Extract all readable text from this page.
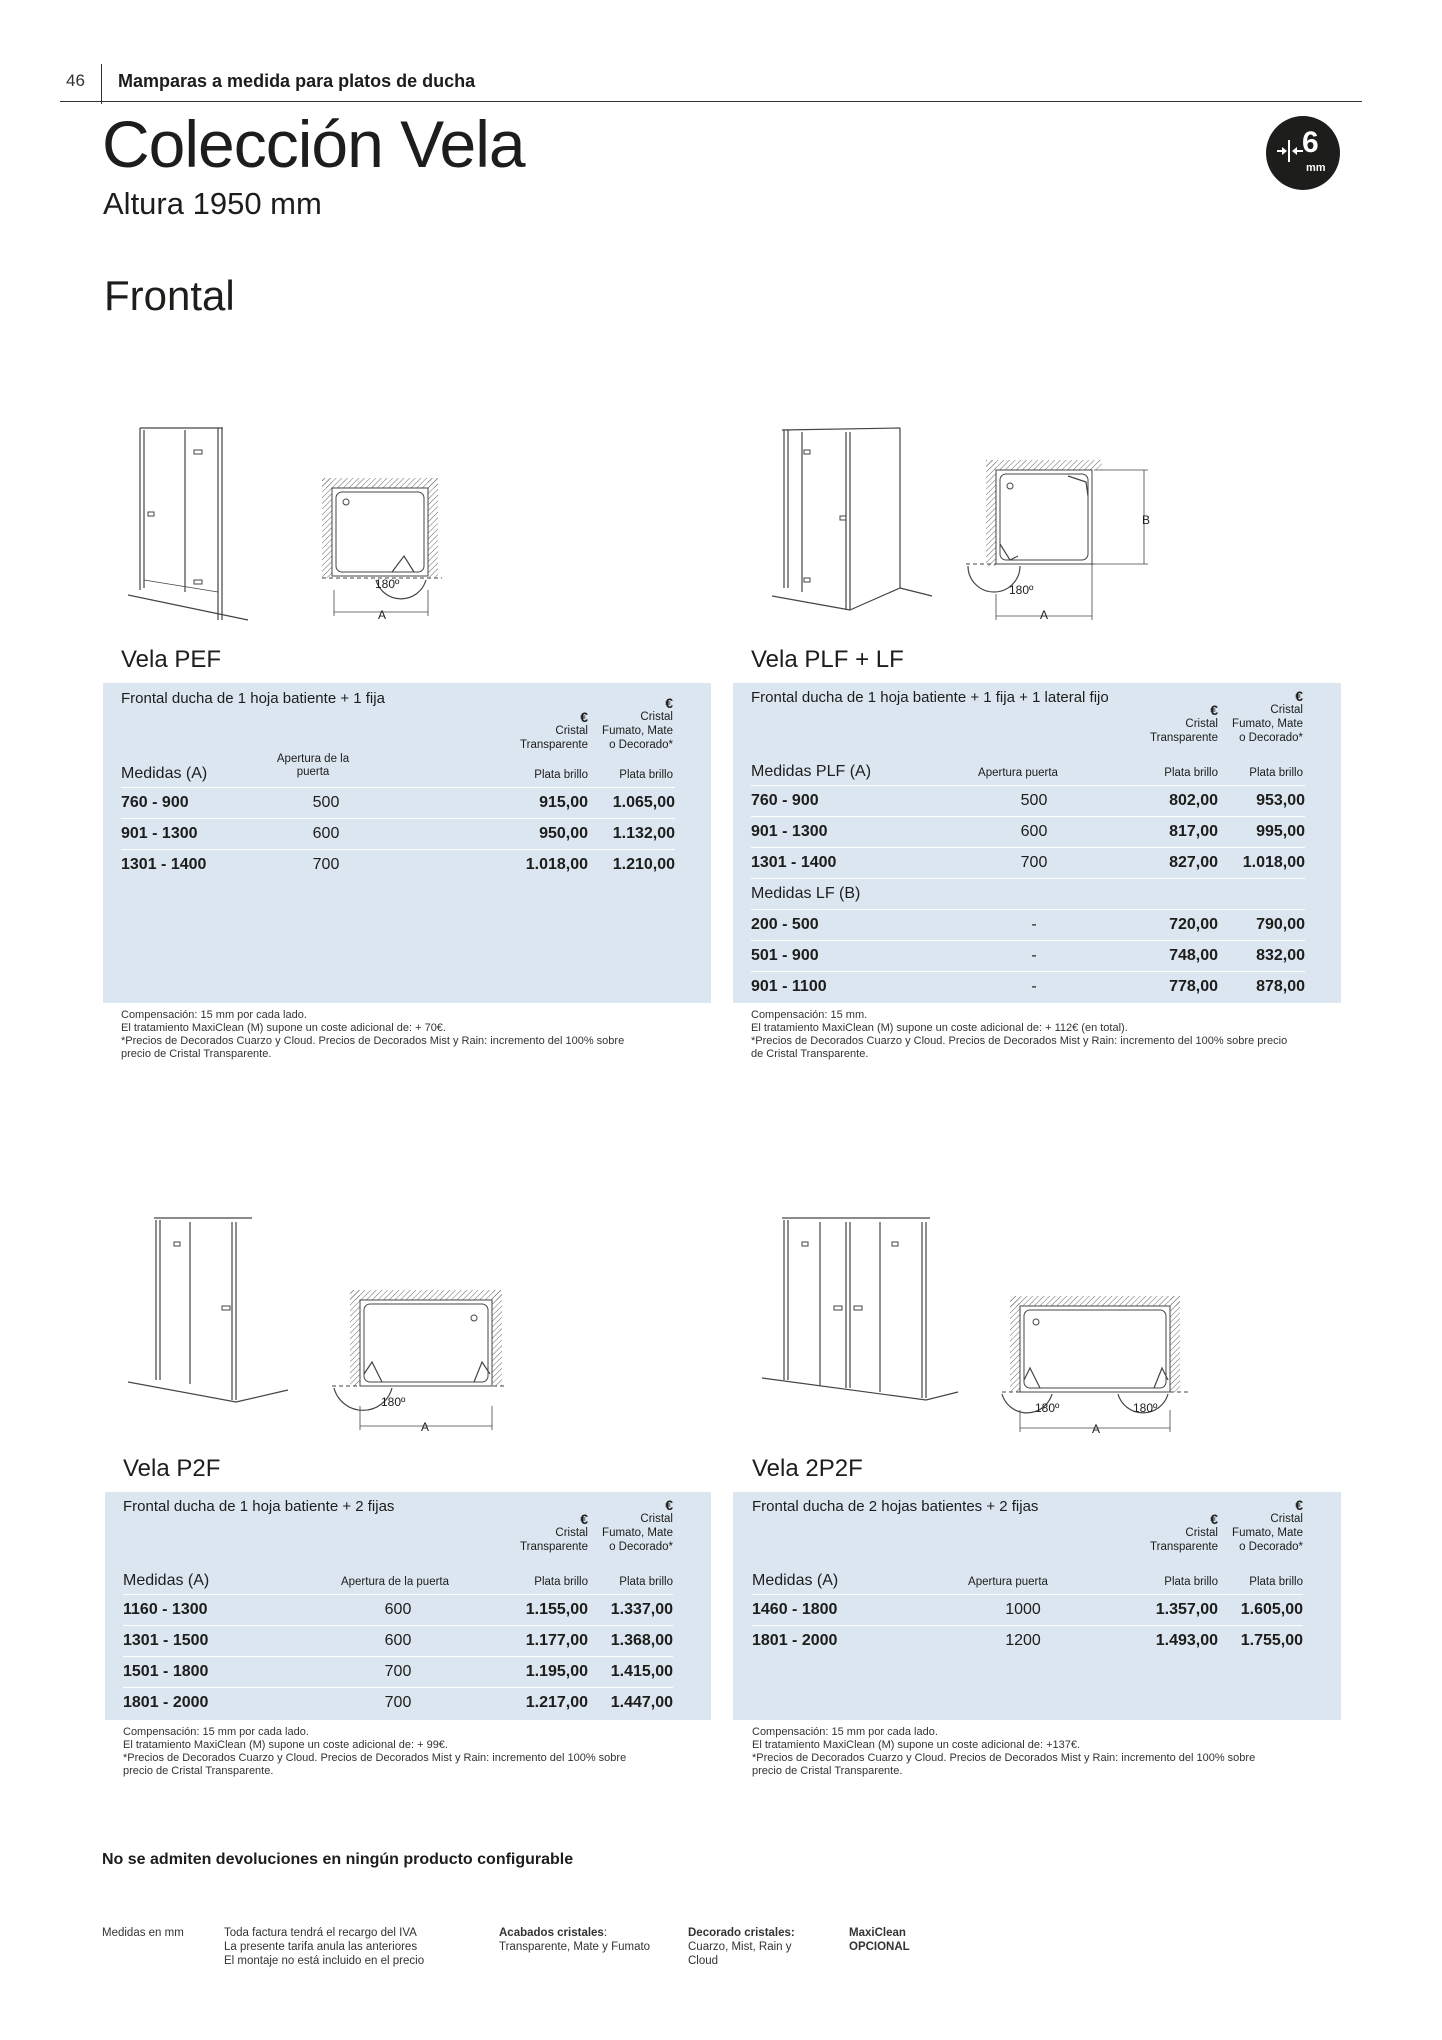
46 Mamparas a medida para platos de ducha
Colección Vela
Altura 1950 mm
Frontal
6
mm
180º
A
180º
A
B
180º
A
180º	180º
A
Vela PEF
Frontal ducha de 1 hoja batiente + 1 fija
€
Cristal
Transparente
€
Cristal
Fumato, Mate
o Decorado*
Medidas (A)
Apertura de la
puerta	Plata brillo	Plata brillo
760 - 900	500	915,00	1.065,00
901 - 1300	600	950,00	1.132,00
1301 - 1400	700	1.018,00	1.210,00
Compensación: 15 mm por cada lado.
El tratamiento MaxiClean (M) supone un coste adicional de: + 70€.
*Precios de Decorados Cuarzo y Cloud. Precios de Decorados Mist y Rain: incremento del 100% sobre
precio de Cristal Transparente.
Vela PLF + LF
Frontal ducha de 1 hoja batiente + 1 fija + 1 lateral fijo
€
Cristal
Transparente
€
Cristal
Fumato, Mate
o Decorado*
Medidas PLF (A)	Apertura puerta	Plata brillo	Plata brillo
760 - 900	500	802,00	953,00
901 - 1300	600	817,00	995,00
1301 - 1400	700	827,00	1.018,00
Medidas LF (B)
200 - 500	-	720,00	790,00
501 - 900	-	748,00	832,00
901 - 1100	-	778,00	878,00
Compensación: 15 mm.
El tratamiento MaxiClean (M) supone un coste adicional de: + 112€ (en total).
*Precios de Decorados Cuarzo y Cloud. Precios de Decorados Mist y Rain: incremento del 100% sobre precio
de Cristal Transparente.
Vela P2F
Frontal ducha de 1 hoja batiente + 2 fijas
€
Cristal
Transparente
€
Cristal
Fumato, Mate
o Decorado*
Medidas (A)	Apertura de la puerta	Plata brillo	Plata brillo
1160 - 1300	600	1.155,00	1.337,00
1301 - 1500	600	1.177,00	1.368,00
1501 - 1800	700	1.195,00	1.415,00
1801 - 2000	700	1.217,00	1.447,00
Compensación: 15 mm por cada lado.
El tratamiento MaxiClean (M) supone un coste adicional de: + 99€.
*Precios de Decorados Cuarzo y Cloud. Precios de Decorados Mist y Rain: incremento del 100% sobre
precio de Cristal Transparente.
Vela 2P2F
Frontal ducha de 2 hojas batientes + 2 fijas
€
Cristal
Transparente
€
Cristal
Fumato, Mate
o Decorado*
Medidas (A)	Apertura puerta	Plata brillo	Plata brillo
1460 - 1800	1000	1.357,00	1.605,00
1801 - 2000	1200	1.493,00	1.755,00
Compensación: 15 mm por cada lado.
El tratamiento MaxiClean (M) supone un coste adicional de: +137€.
*Precios de Decorados Cuarzo y Cloud. Precios de Decorados Mist y Rain: incremento del 100% sobre
precio de Cristal Transparente.
No se admiten devoluciones en ningún producto configurable
Medidas en mm	Toda factura tendrá el recargo del IVA
La presente tarifa anula las anteriores
El montaje no está incluido en el precio
Acabados cristales:
Transparente, Mate y Fumato
Decorado cristales:
Cuarzo, Mist, Rain y
Cloud
MaxiClean
OPCIONAL
